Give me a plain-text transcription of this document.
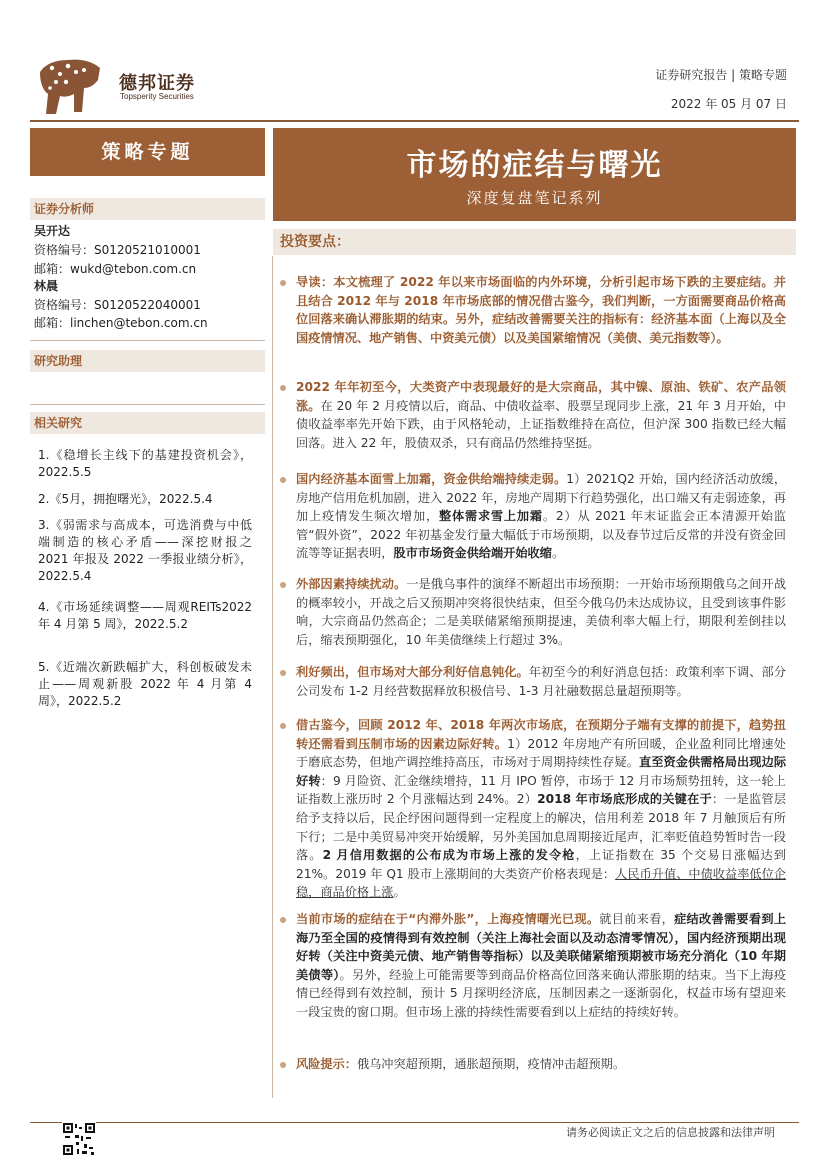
德邦证券
Topsperity Securities
证券研究报告 | 策略专题
2022 年 05 月 07 日
策略专题
证券分析师
吴开达
资格编号：S0120521010001
邮箱：wukd@tebon.com.cn
林晨
资格编号：S0120522040001
邮箱：linchen@tebon.com.cn
研究助理
相关研究
1.《稳增长主线下的基建投资机会》，2022.5.5
2.《5月，拥抱曙光》，2022.5.4
3.《弱需求与高成本，可选消费与中低端制造的核心矛盾——深挖财报之 2021 年报及 2022 一季报业绩分析》，2022.5.4
4.《市场延续调整——周观REITs2022 年 4 月第 5 周》，2022.5.2
5.《近端次新跌幅扩大，科创板破发未止——周观新股 2022 年 4 月第 4 周》，2022.5.2
市场的症结与曙光
深度复盘笔记系列
投资要点：
导读：本文梳理了 2022 年以来市场面临的内外环境，分析引起市场下跌的主要症结。并且结合 2012 年与 2018 年市场底部的情况借古鉴今，我们判断，一方面需要商品价格高位回落来确认滞胀期的结束。另外，症结改善需要关注的指标有：经济基本面（上海以及全国疫情情况、地产销售、中资美元债）以及美国紧缩情况（美债、美元指数等）。
2022 年年初至今，大类资产中表现最好的是大宗商品，其中镍、原油、铁矿、农产品领涨。在 20 年 2 月疫情以后，商品、中债收益率、股票呈现同步上涨，21 年 3 月开始，中债收益率率先开始下跌，由于风格轮动，上证指数维持在高位，但沪深 300 指数已经大幅回落。进入 22 年，股债双杀，只有商品仍然维持坚挺。
国内经济基本面雪上加霜，资金供给端持续走弱。1）2021Q2 开始，国内经济活动放缓，房地产信用危机加剧，进入 2022 年，房地产周期下行趋势强化，出口端又有走弱迹象，再加上疫情发生频次增加，整体需求雪上加霜。2）从 2021 年末证监会正本清源开始监管“假外资”，2022 年初基金发行量大幅低于市场预期，以及春节过后反常的并没有资金回流等等证据表明，股市市场资金供给端开始收缩。
外部因素持续扰动。一是俄乌事件的演绎不断超出市场预期：一开始市场预期俄乌之间开战的概率较小，开战之后又预期冲突将很快结束，但至今俄乌仍未达成协议，且受到该事件影响，大宗商品仍然高企；二是美联储紧缩预期提速，美债利率大幅上行，期限利差倒挂以后，缩表预期强化，10 年美债继续上行超过 3%。
利好频出，但市场对大部分利好信息钝化。年初至今的利好消息包括：政策利率下调、部分公司发布 1-2 月经营数据释放积极信号、1-3 月社融数据总量超预期等。
借古鉴今，回顾 2012 年、2018 年两次市场底，在预期分子端有支撑的前提下，趋势扭转还需看到压制市场的因素边际好转。1）2012 年房地产有所回暖，企业盈利同比增速处于磨底态势，但地产调控维持高压，市场对于周期持续性存疑。直至资金供需格局出现边际好转：9 月险资、汇金继续增持，11 月 IPO 暂停，市场于 12 月市场颓势扭转，这一轮上证指数上涨历时 2 个月涨幅达到 24%。2）2018 年市场底形成的关键在于：一是监管层给予支持以后，民企纾困问题得到一定程度上的解决，信用利差 2018 年 7 月触顶后有所下行；二是中美贸易冲突开始缓解，另外美国加息周期接近尾声，汇率贬值趋势暂时告一段落。2 月信用数据的公布成为市场上涨的发令枪，上证指数在 35 个交易日涨幅达到 21%。2019 年 Q1 股市上涨期间的大类资产价格表现是：人民币升值、中债收益率低位企稳，商品价格上涨。
当前市场的症结在于“内滞外胀”，上海疫情曙光已现。就目前来看，症结改善需要看到上海乃至全国的疫情得到有效控制（关注上海社会面以及动态清零情况），国内经济预期出现好转（关注中资美元债、地产销售等指标）以及美联储紧缩预期被市场充分消化（10 年期美债等）。另外，经验上可能需要等到商品价格高位回落来确认滞胀期的结束。当下上海疫情已经得到有效控制，预计 5 月探明经济底，压制因素之一逐渐弱化，权益市场有望迎来一段宝贵的窗口期。但市场上涨的持续性需要看到以上症结的持续好转。
风险提示：俄乌冲突超预期，通胀超预期，疫情冲击超预期。
请务必阅读正文之后的信息披露和法律声明
